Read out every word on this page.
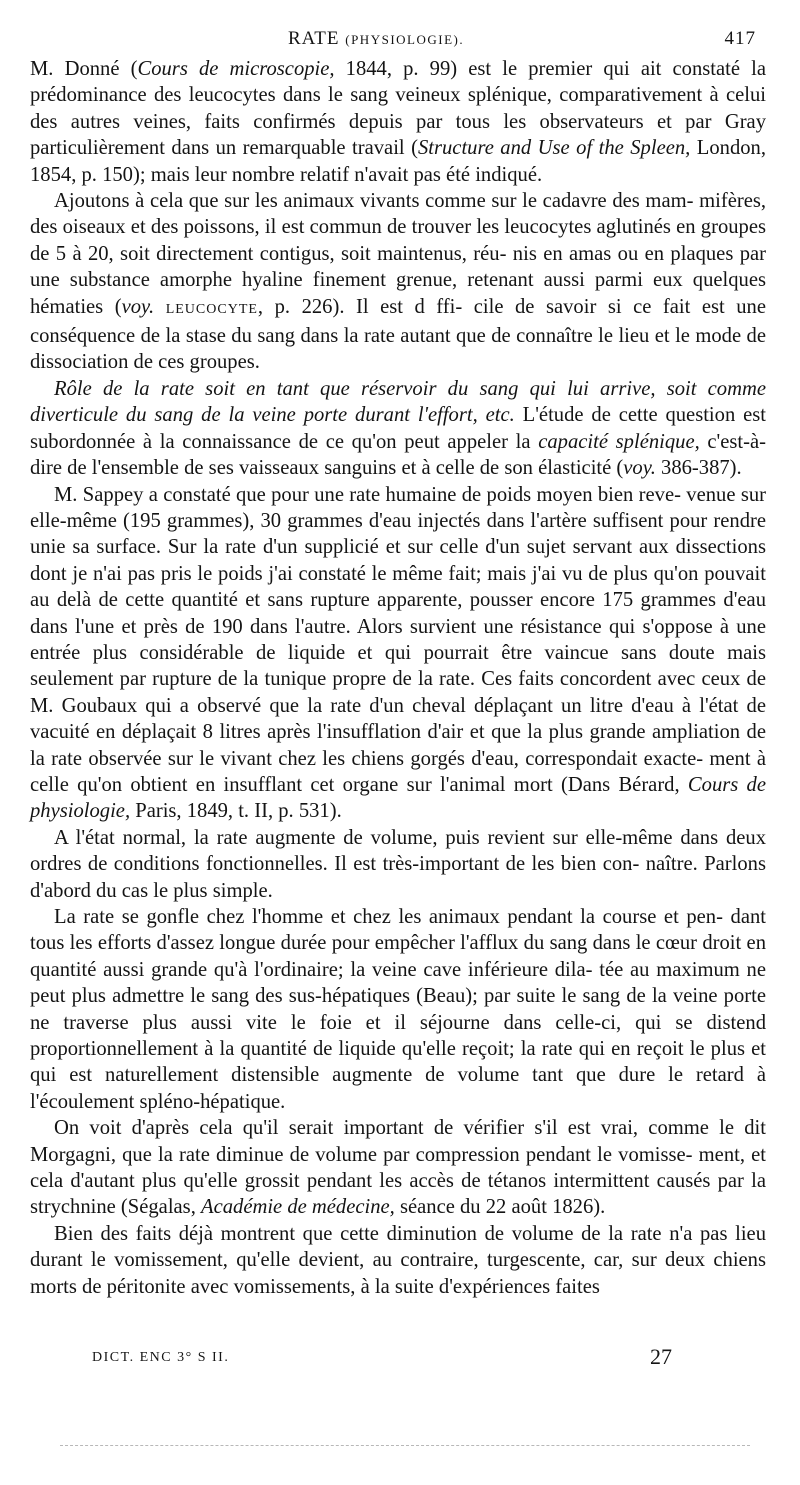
RATE (PHYSIOLOGIE).	417

M. Donné (Cours de microscopie, 1844, p. 99) est le premier qui ait constaté la prédominance des leucocytes dans le sang veineux splénique, comparativement à celui des autres veines, faits confirmés depuis par tous les observateurs et par Gray particulièrement dans un remarquable travail (Structure and Use of the Spleen, London, 1854, p. 150); mais leur nombre relatif n'avait pas été indiqué.

Ajoutons à cela que sur les animaux vivants comme sur le cadavre des mam- mifères, des oiseaux et des poissons, il est commun de trouver les leucocytes aglutinés en groupes de 5 à 20, soit directement contigus, soit maintenus, réu- nis en amas ou en plaques par une substance amorphe hyaline finement grenue, retenant aussi parmi eux quelques hématies (voy. LEUCOCYTE, p. 226). Il est d ffi- cile de savoir si ce fait est une conséquence de la stase du sang dans la rate autant que de connaître le lieu et le mode de dissociation de ces groupes.

Rôle de la rate soit en tant que réservoir du sang qui lui arrive, soit comme diverticule du sang de la veine porte durant l'effort, etc. L'étude de cette question est subordonnée à la connaissance de ce qu'on peut appeler la capacité splénique, c'est-à-dire de l'ensemble de ses vaisseaux sanguins et à celle de son élasticité (voy. 386-387).

M. Sappey a constaté que pour une rate humaine de poids moyen bien reve- venue sur elle-même (195 grammes), 30 grammes d'eau injectés dans l'artère suffisent pour rendre unie sa surface. Sur la rate d'un supplicié et sur celle d'un sujet servant aux dissections dont je n'ai pas pris le poids j'ai constaté le même fait; mais j'ai vu de plus qu'on pouvait au delà de cette quantité et sans rupture apparente, pousser encore 175 grammes d'eau dans l'une et près de 190 dans l'autre. Alors survient une résistance qui s'oppose à une entrée plus considérable de liquide et qui pourrait être vaincue sans doute mais seulement par rupture de la tunique propre de la rate. Ces faits concordent avec ceux de M. Goubaux qui a observé que la rate d'un cheval déplaçant un litre d'eau à l'état de vacuité en déplaçait 8 litres après l'insufflation d'air et que la plus grande ampliation de la rate observée sur le vivant chez les chiens gorgés d'eau, correspondait exacte- ment à celle qu'on obtient en insufflant cet organe sur l'animal mort (Dans Bérard, Cours de physiologie, Paris, 1849, t. II, p. 531).

A l'état normal, la rate augmente de volume, puis revient sur elle-même dans deux ordres de conditions fonctionnelles. Il est très-important de les bien con- naître. Parlons d'abord du cas le plus simple.

La rate se gonfle chez l'homme et chez les animaux pendant la course et pen- dant tous les efforts d'assez longue durée pour empêcher l'afflux du sang dans le cœur droit en quantité aussi grande qu'à l'ordinaire; la veine cave inférieure dila- tée au maximum ne peut plus admettre le sang des sus-hépatiques (Beau); par suite le sang de la veine porte ne traverse plus aussi vite le foie et il séjourne dans celle-ci, qui se distend proportionnellement à la quantité de liquide qu'elle reçoit; la rate qui en reçoit le plus et qui est naturellement distensible augmente de volume tant que dure le retard à l'écoulement spléno-hépatique.

On voit d'après cela qu'il serait important de vérifier s'il est vrai, comme le dit Morgagni, que la rate diminue de volume par compression pendant le vomisse- ment, et cela d'autant plus qu'elle grossit pendant les accès de tétanos intermittent causés par la strychnine (Ségalas, Académie de médecine, séance du 22 août 1826).

Bien des faits déjà montrent que cette diminution de volume de la rate n'a pas lieu durant le vomissement, qu'elle devient, au contraire, turgescente, car, sur deux chiens morts de péritonite avec vomissements, à la suite d'expériences faites

DICT. ENC 3° S II.	27
